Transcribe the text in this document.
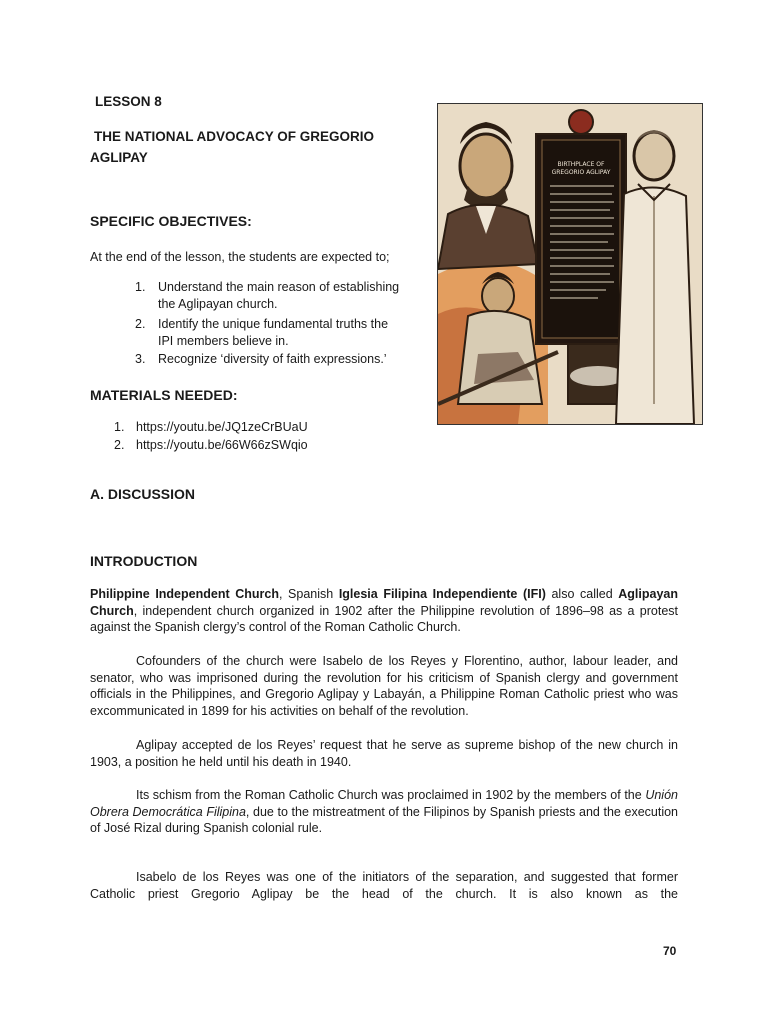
LESSON 8
THE NATIONAL ADVOCACY OF GREGORIO
AGLIPAY
SPECIFIC OBJECTIVES:
At the end of the lesson, the students are expected to;
1. Understand the main reason of establishing
the Aglipayan church.
2. Identify the unique fundamental truths the
IPI members believe in.
3. Recognize ‘diversity of faith expressions.’
MATERIALS NEEDED:
1. https://youtu.be/JQ1zeCrBUaU
2. https://youtu.be/66W66zSWqio
A. DISCUSSION
INTRODUCTION
Philippine Independent Church, Spanish Iglesia Filipina Independiente (IFI) also called Aglipayan Church, independent church organized in 1902 after the Philippine revolution of 1896–98 as a protest against the Spanish clergy’s control of the Roman Catholic Church.
Cofounders of the church were Isabelo de los Reyes y Florentino, author, labour leader, and senator, who was imprisoned during the revolution for his criticism of Spanish clergy and government officials in the Philippines, and Gregorio Aglipay y Labayán, a Philippine Roman Catholic priest who was excommunicated in 1899 for his activities on behalf of the revolution.
Aglipay accepted de los Reyes’ request that he serve as supreme bishop of the new church in 1903, a position he held until his death in 1940.
Its schism from the Roman Catholic Church was proclaimed in 1902 by the members of the Unión Obrera Democrática Filipina, due to the mistreatment of the Filipinos by Spanish priests and the execution of José Rizal during Spanish colonial rule.
Isabelo de los Reyes was one of the initiators of the separation, and suggested that former Catholic priest Gregorio Aglipay be the head of the church. It is also known as the
BIRTHPLACE OF
GREGORIO AGLIPAY
70
